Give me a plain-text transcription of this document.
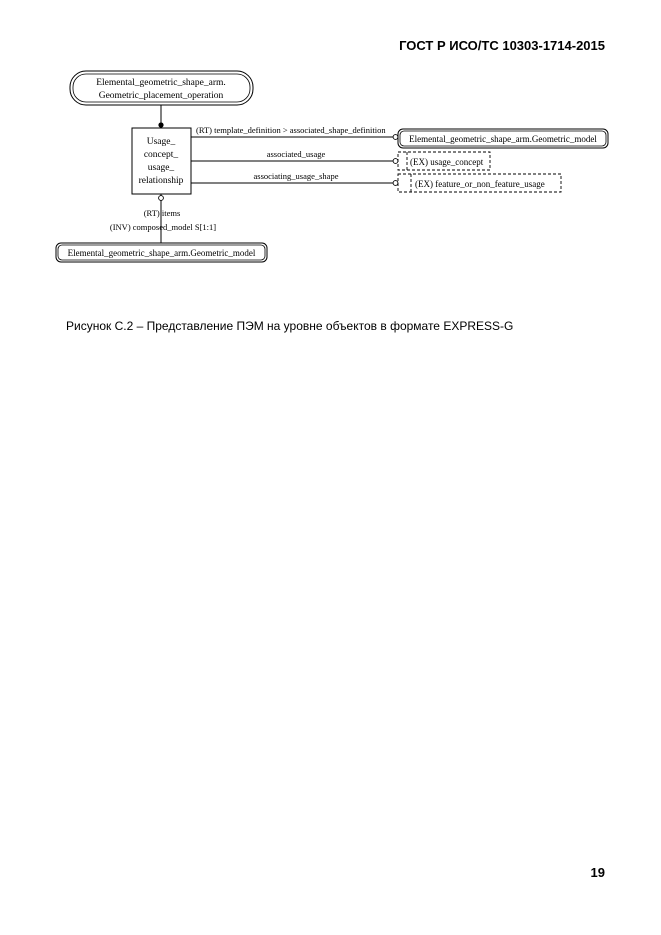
ГОСТ Р ИСО/ТС 10303-1714-2015
Elemental_geometric_shape_arm.
Geometric_placement_operation
Usage_
concept_
usage_
relationship
(RT) template_definition > associated_shape_definition
Elemental_geometric_shape_arm.Geometric_model
associated_usage
(EX) usage_concept
associating_usage_shape
(EX) feature_or_non_feature_usage
(RT) items
(INV) composed_model S[1:1]
Elemental_geometric_shape_arm.Geometric_model
Рисунок С.2 – Представление ПЭМ на уровне объектов в формате EXPRESS-G
19
